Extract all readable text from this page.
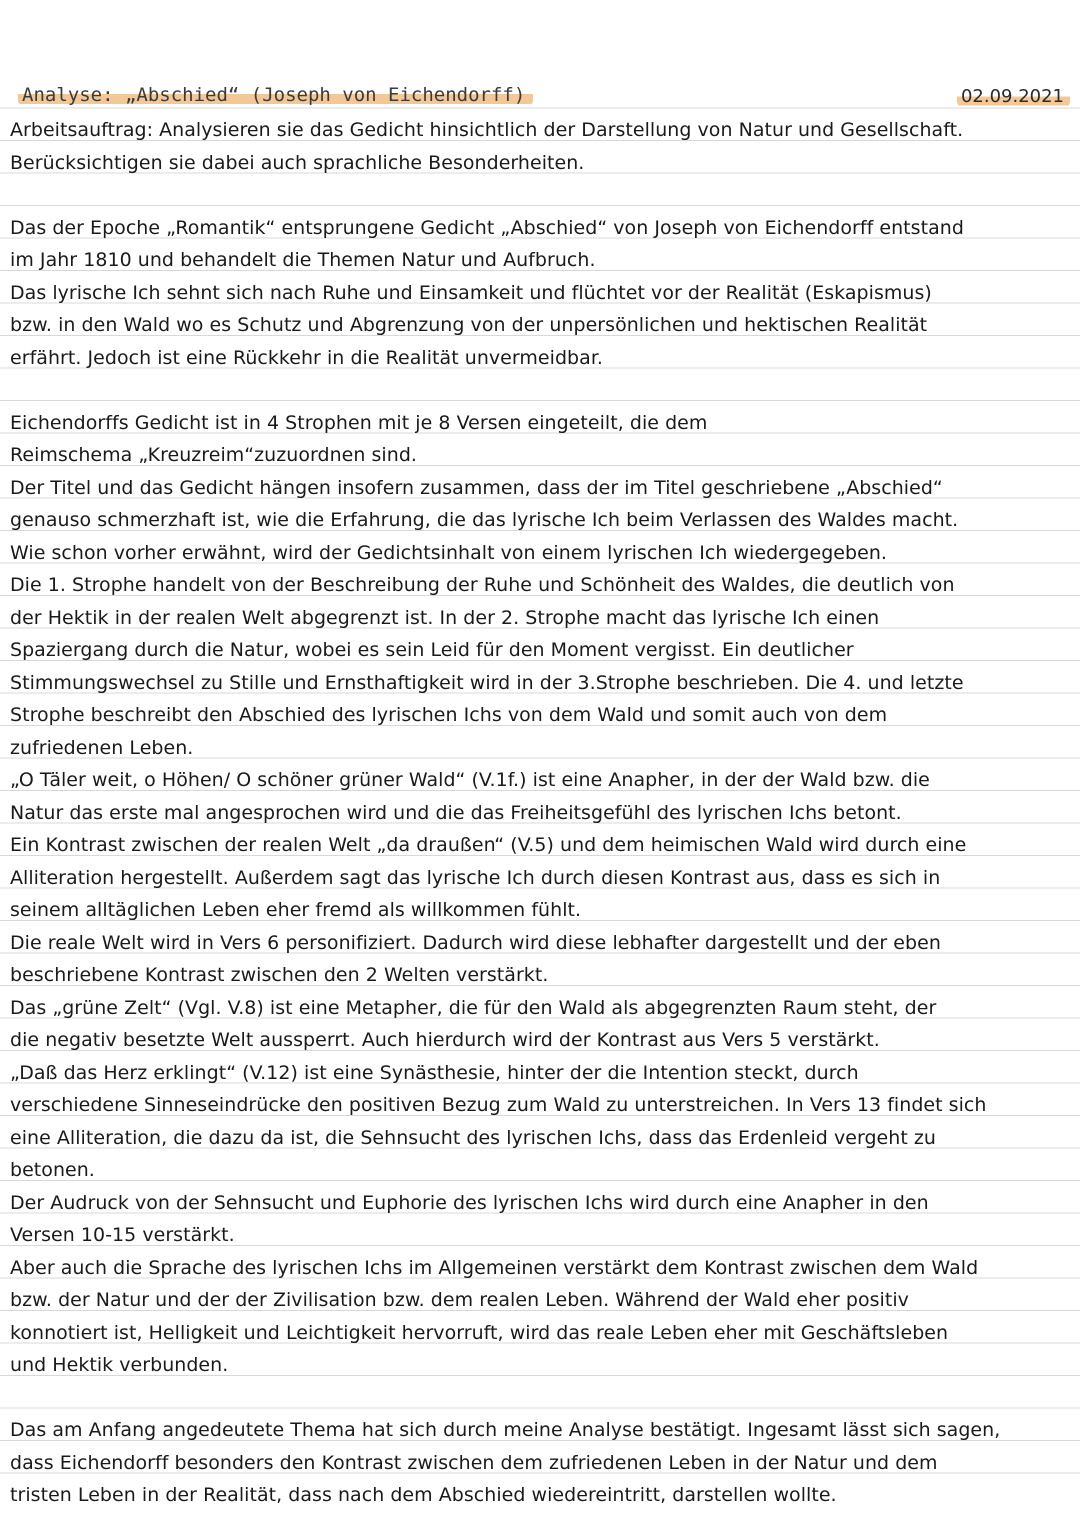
Analyse: „Abschied“ (Joseph von Eichendorff)	02.09.2021
Arbeitsauftrag: Analysieren sie das Gedicht hinsichtlich der Darstellung von Natur und Gesellschaft.
Berücksichtigen sie dabei auch sprachliche Besonderheiten.
Das der Epoche „Romantik“ entsprungene Gedicht „Abschied“ von Joseph von Eichendorff entstand
im Jahr 1810 und behandelt die Themen Natur und Aufbruch.
Das lyrische Ich sehnt sich nach Ruhe und Einsamkeit und flüchtet vor der Realität (Eskapismus)
bzw. in den Wald wo es Schutz und Abgrenzung von der unpersönlichen und hektischen Realität
erfährt. Jedoch ist eine Rückkehr in die Realität unvermeidbar.
Eichendorffs Gedicht ist in 4 Strophen mit je 8 Versen eingeteilt, die dem
Reimschema „Kreuzreim“zuzuordnen sind.
Der Titel und das Gedicht hängen insofern zusammen, dass der im Titel geschriebene „Abschied“
genauso schmerzhaft ist, wie die Erfahrung, die das lyrische Ich beim Verlassen des Waldes macht.
Wie schon vorher erwähnt, wird der Gedichtsinhalt von einem lyrischen Ich wiedergegeben.
Die 1. Strophe handelt von der Beschreibung der Ruhe und Schönheit des Waldes, die deutlich von
der Hektik in der realen Welt abgegrenzt ist. In der 2. Strophe macht das lyrische Ich einen
Spaziergang durch die Natur, wobei es sein Leid für den Moment vergisst. Ein deutlicher
Stimmungswechsel zu Stille und Ernsthaftigkeit wird in der 3.Strophe beschrieben. Die 4. und letzte
Strophe beschreibt den Abschied des lyrischen Ichs von dem Wald und somit auch von dem
zufriedenen Leben.
„O Täler weit, o Höhen/ O schöner grüner Wald“ (V.1f.) ist eine Anapher, in der der Wald bzw. die
Natur das erste mal angesprochen wird und die das Freiheitsgefühl des lyrischen Ichs betont.
Ein Kontrast zwischen der realen Welt „da draußen“ (V.5) und dem heimischen Wald wird durch eine
Alliteration hergestellt. Außerdem sagt das lyrische Ich durch diesen Kontrast aus, dass es sich in
seinem alltäglichen Leben eher fremd als willkommen fühlt.
Die reale Welt wird in Vers 6 personifiziert. Dadurch wird diese lebhafter dargestellt und der eben
beschriebene Kontrast zwischen den 2 Welten verstärkt.
Das „grüne Zelt“ (Vgl. V.8) ist eine Metapher, die für den Wald als abgegrenzten Raum steht, der
die negativ besetzte Welt aussperrt. Auch hierdurch wird der Kontrast aus Vers 5 verstärkt.
„Daß das Herz erklingt“ (V.12) ist eine Synästhesie, hinter der die Intention steckt, durch
verschiedene Sinneseindrücke den positiven Bezug zum Wald zu unterstreichen. In Vers 13 findet sich
eine Alliteration, die dazu da ist, die Sehnsucht des lyrischen Ichs, dass das Erdenleid vergeht zu
betonen.
Der Audruck von der Sehnsucht und Euphorie des lyrischen Ichs wird durch eine Anapher in den
Versen 10-15 verstärkt.
Aber auch die Sprache des lyrischen Ichs im Allgemeinen verstärkt dem Kontrast zwischen dem Wald
bzw. der Natur und der der Zivilisation bzw. dem realen Leben. Während der Wald eher positiv
konnotiert ist, Helligkeit und Leichtigkeit hervorruft, wird das reale Leben eher mit Geschäftsleben
und Hektik verbunden.
Das am Anfang angedeutete Thema hat sich durch meine Analyse bestätigt. Ingesamt lässt sich sagen,
dass Eichendorff besonders den Kontrast zwischen dem zufriedenen Leben in der Natur und dem
tristen Leben in der Realität, dass nach dem Abschied wiedereintritt, darstellen wollte.
